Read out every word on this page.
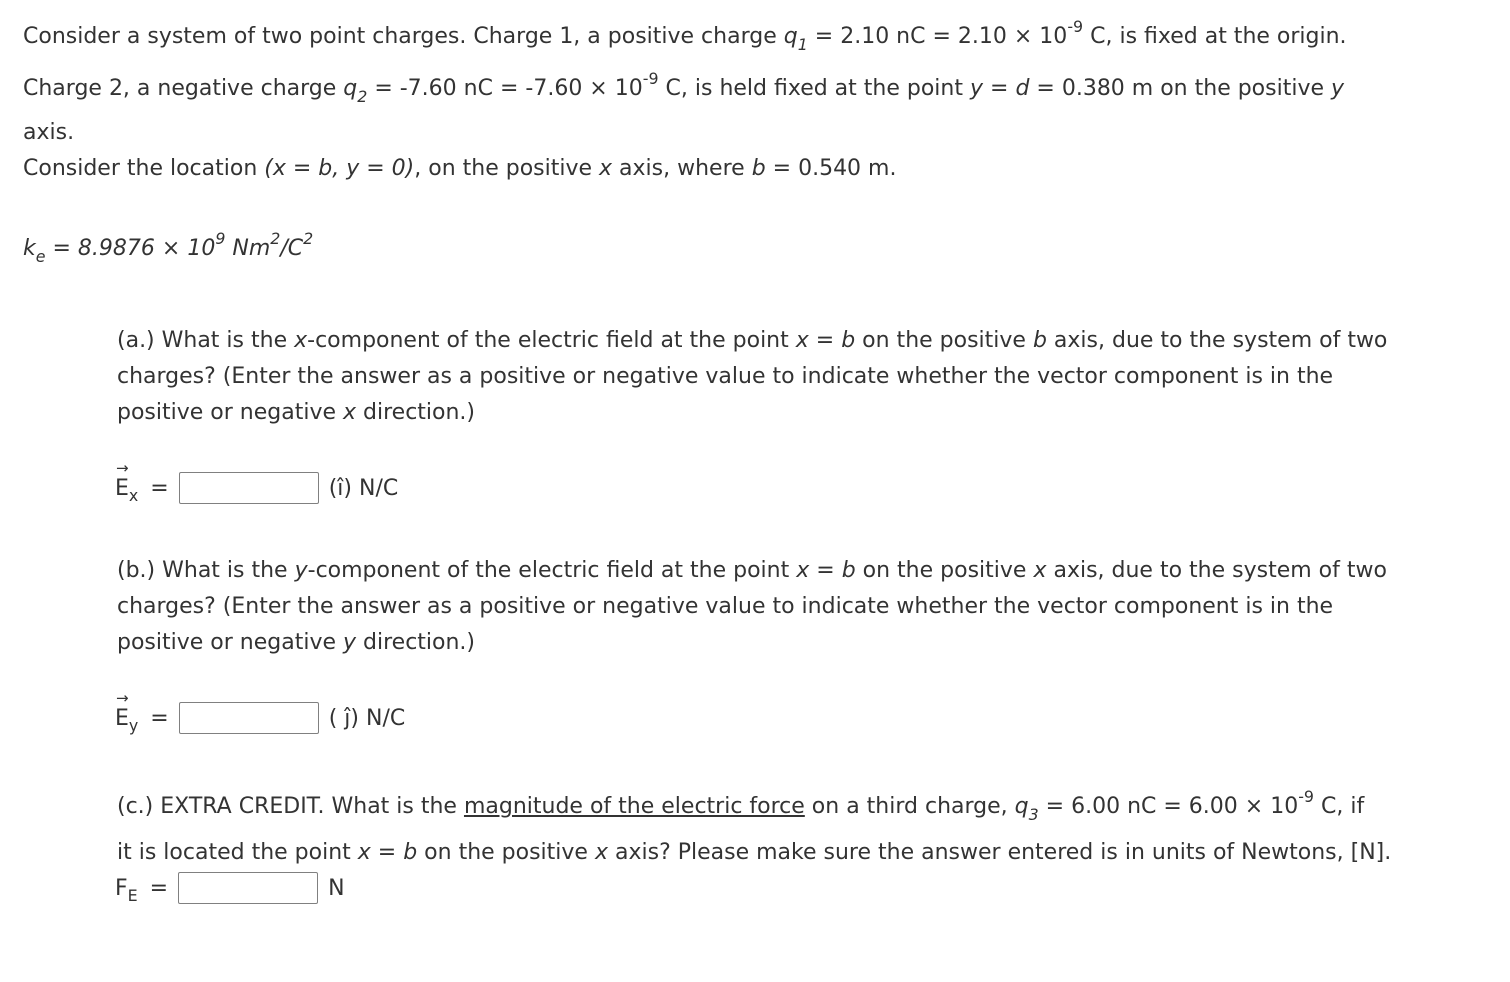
Consider a system of two point charges. Charge 1, a positive charge $q_1 = 2.10$ nC = $2.10 \times 10^{-9}$ C, is fixed at the origin.
Charge 2, a negative charge $q_2 = -7.60$ nC = $-7.60 \times 10^{-9}$ C, is held fixed at the point y = d = 0.380 m on the positive y
axis.
Consider the location (x = b, y = 0), on the positive x axis, where b = 0.540 m.
$k_e = 8.9876 \times 10^9$ $Nm^2/C^2$
(a.) What is the x-component of the electric field at the point x = b on the positive b axis, due to the system of two
charges? (Enter the answer as a positive or negative value to indicate whether the vector component is in the
positive or negative x direction.)
→
$E_x$ =	(î) N/C
(b.) What is the y-component of the electric field at the point x = b on the positive x axis, due to the system of two
charges? (Enter the answer as a positive or negative value to indicate whether the vector component is in the
positive or negative y direction.)
→
$E_y$ =	( ĵ) N/C
(c.) EXTRA CREDIT. What is the magnitude of the electric force on a third charge, $q_3 = 6.00$ nC = $6.00 \times 10^{-9}$ C, if
it is located the point x = b on the positive x axis? Please make sure the answer entered is in units of Newtons, [N].
$F_E$ =	N
